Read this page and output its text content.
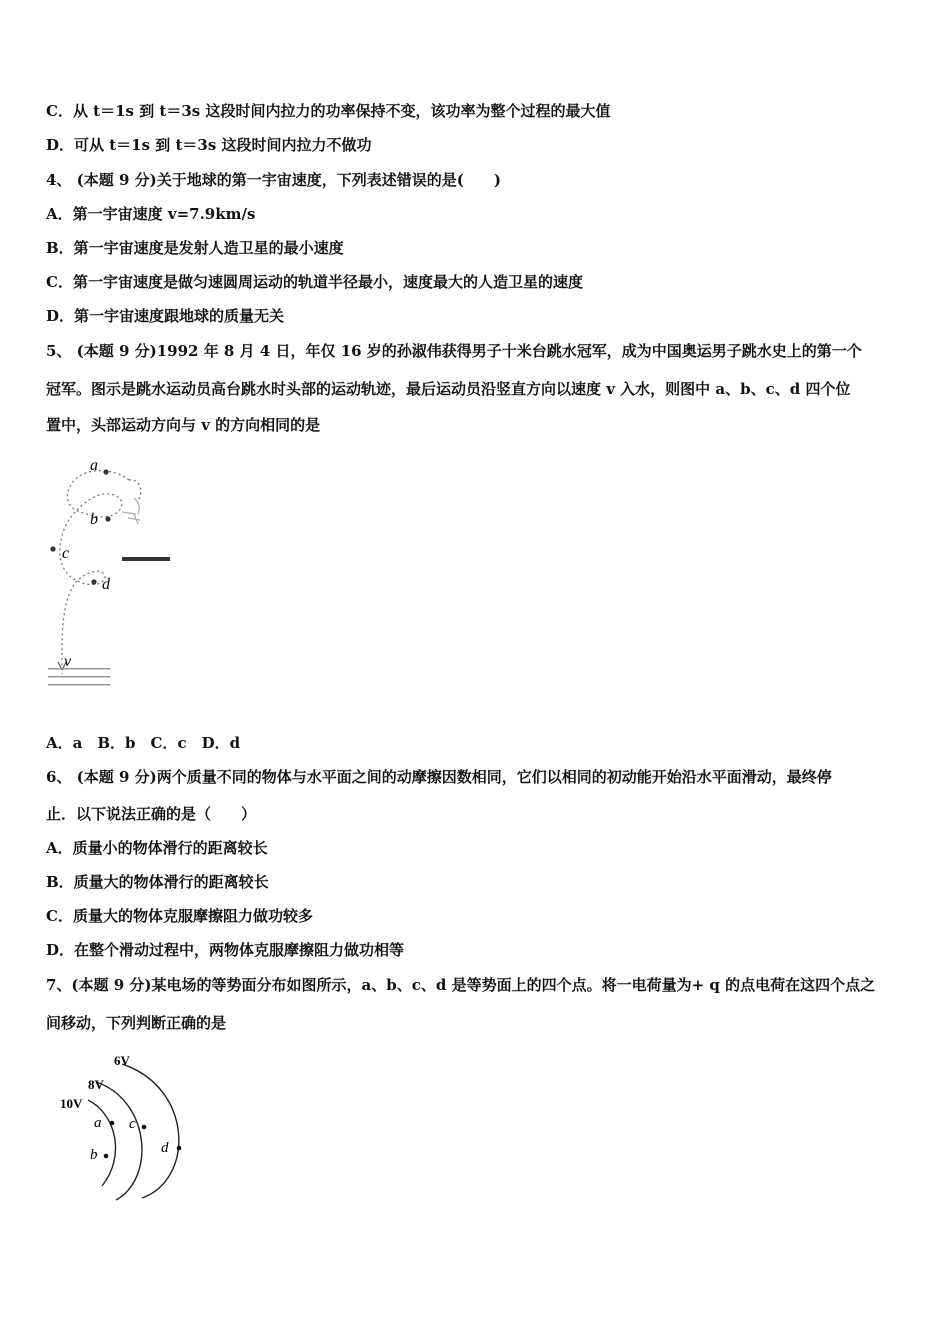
C．从 t＝1s 到 t＝3s 这段时间内拉力的功率保持不变，该功率为整个过程的最大值
D．可从 t＝1s 到 t＝3s 这段时间内拉力不做功
4、 (本题 9 分)关于地球的第一宇宙速度，下列表述错误的是(　　)
A．第一宇宙速度 v=7.9km/s
B．第一宇宙速度是发射人造卫星的最小速度
C．第一宇宙速度是做匀速圆周运动的轨道半径最小，速度最大的人造卫星的速度
D．第一宇宙速度跟地球的质量无关
5、 (本题 9 分)1992 年 8 月 4 日，年仅 16 岁的孙淑伟获得男子十米台跳水冠军，成为中国奥运男子跳水史上的第一个
冠军。图示是跳水运动员高台跳水时头部的运动轨迹，最后运动员沿竖直方向以速度 v 入水，则图中 a、b、c、d 四个位
置中，头部运动方向与 v 的方向相同的是
a
b
c
d
v
A．a　B．b　C．c　D．d
6、 (本题 9 分)两个质量不同的物体与水平面之间的动摩擦因数相同，它们以相同的初动能开始沿水平面滑动，最终停
止．以下说法正确的是（　　）
A．质量小的物体滑行的距离较长
B．质量大的物体滑行的距离较长
C．质量大的物体克服摩擦阻力做功较多
D．在整个滑动过程中，两物体克服摩擦阻力做功相等
7、(本题 9 分)某电场的等势面分布如图所示，a、b、c、d 是等势面上的四个点。将一电荷量为+ q 的点电荷在这四个点之
间移动，下列判断正确的是
10V
8V
6V
a
b
c
d
